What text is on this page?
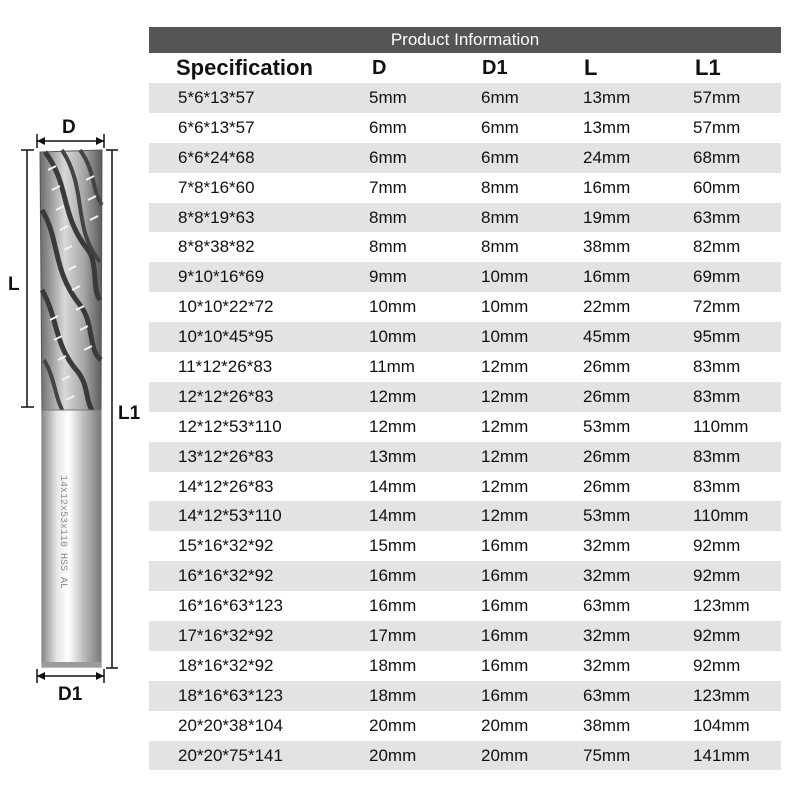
D
L
L1
D1
14x12x53x110 HSS AL
Product Information
Specification	D	D1	L	L1
5*6*13*57	5mm	6mm	13mm	57mm
6*6*13*57	6mm	6mm	13mm	57mm
6*6*24*68	6mm	6mm	24mm	68mm
7*8*16*60	7mm	8mm	16mm	60mm
8*8*19*63	8mm	8mm	19mm	63mm
8*8*38*82	8mm	8mm	38mm	82mm
9*10*16*69	9mm	10mm	16mm	69mm
10*10*22*72	10mm	10mm	22mm	72mm
10*10*45*95	10mm	10mm	45mm	95mm
11*12*26*83	11mm	12mm	26mm	83mm
12*12*26*83	12mm	12mm	26mm	83mm
12*12*53*110	12mm	12mm	53mm	110mm
13*12*26*83	13mm	12mm	26mm	83mm
14*12*26*83	14mm	12mm	26mm	83mm
14*12*53*110	14mm	12mm	53mm	110mm
15*16*32*92	15mm	16mm	32mm	92mm
16*16*32*92	16mm	16mm	32mm	92mm
16*16*63*123	16mm	16mm	63mm	123mm
17*16*32*92	17mm	16mm	32mm	92mm
18*16*32*92	18mm	16mm	32mm	92mm
18*16*63*123	18mm	16mm	63mm	123mm
20*20*38*104	20mm	20mm	38mm	104mm
20*20*75*141	20mm	20mm	75mm	141mm
